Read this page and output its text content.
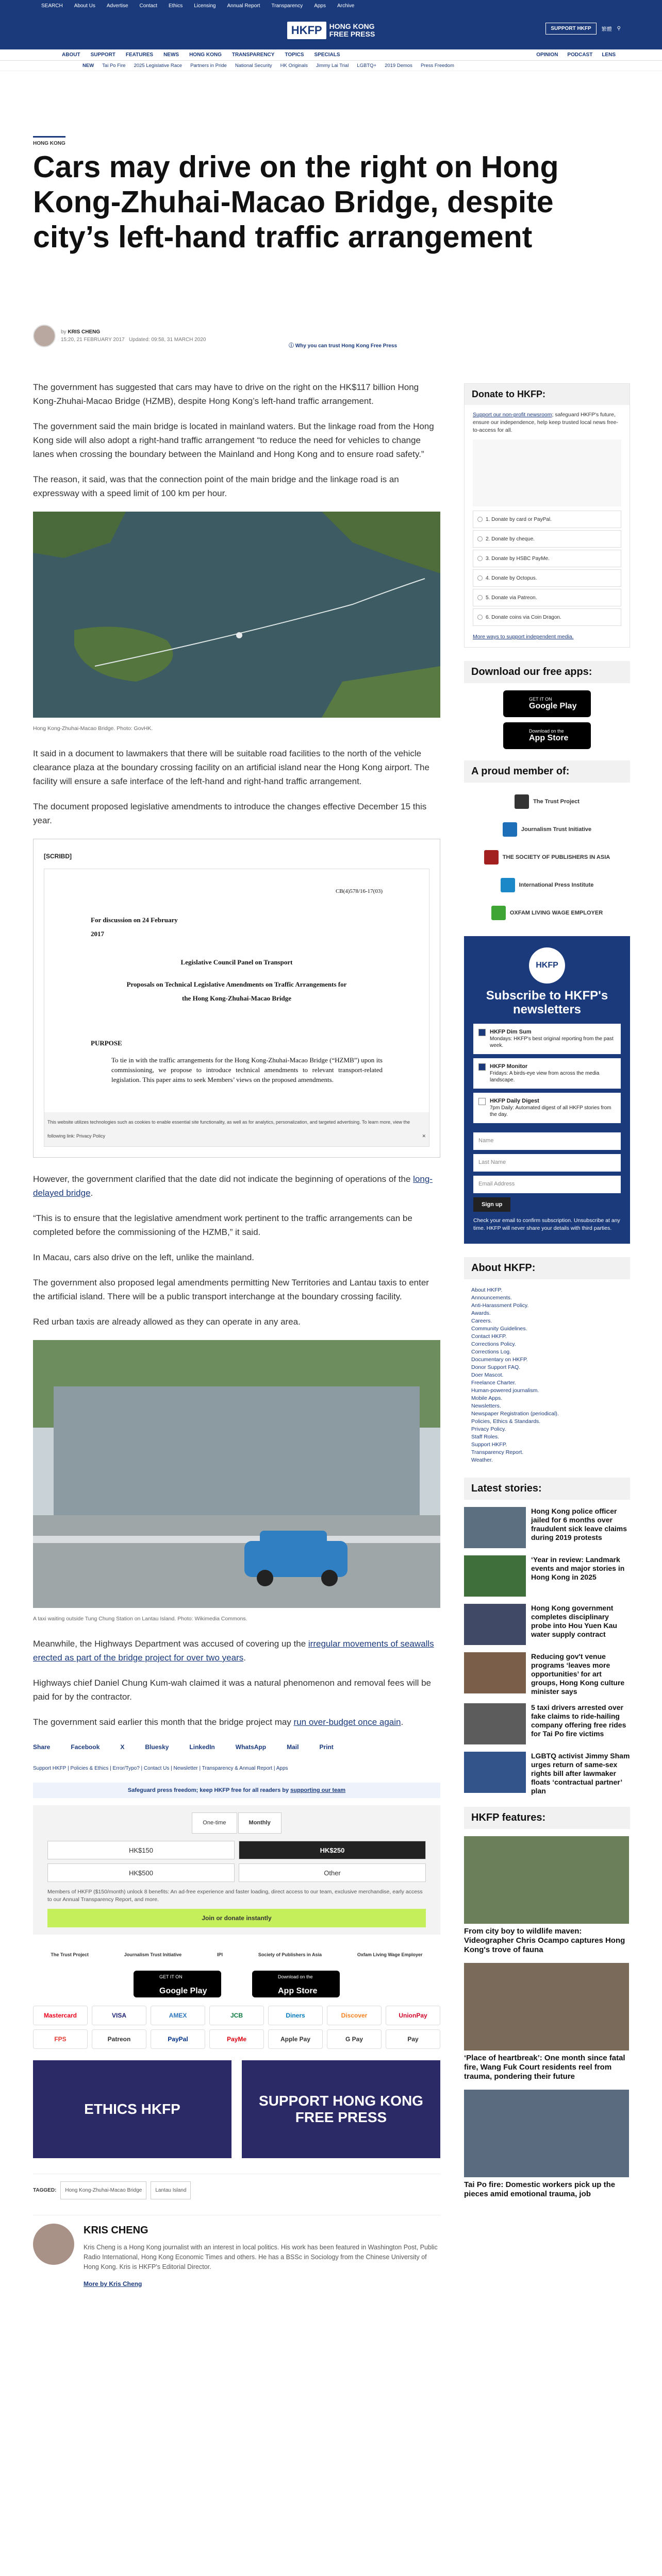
SEARCH About Us Advertise Contact Ethics Licensing Annual Report Transparency Apps Archive
HKFP	HONG KONG
FREE PRESS
SUPPORT HKFP	繁體 ⚲
ABOUT SUPPORT FEATURES NEWS HONG KONG TRANSPARENCY TOPICS SPECIALS	OPINION PODCAST LENS
NEW Tai Po Fire 2025 Legislative Race Partners in Pride National Security HK Originals Jimmy Lai Trial LGBTQ+ 2019 Demos Press Freedom
HONG KONG
Cars may drive on the right on Hong Kong-Zhuhai-Macao Bridge, despite city’s left-hand traffic arrangement
by KRIS CHENG
15:20, 21 FEBRUARY 2017 Updated: 09:58, 31 MARCH 2020
ⓘ Why you can trust Hong Kong Free Press

The government has suggested that cars may have to drive on the right on the HK$117 billion Hong Kong-Zhuhai-Macao Bridge (HZMB), despite Hong Kong’s left-hand traffic arrangement.

The government said the main bridge is located in mainland waters. But the linkage road from the Hong Kong side will also adopt a right-hand traffic arrangement “to reduce the need for vehicles to change lanes when crossing the boundary between the Mainland and Hong Kong and to ensure road safety.”

The reason, it said, was that the connection point of the main bridge and the linkage road is an expressway with a speed limit of 100 km per hour.

Hong Kong-Zhuhai-Macao Bridge. Photo: GovHK.

It said in a document to lawmakers that there will be suitable road facilities to the north of the vehicle clearance plaza at the boundary crossing facility on an artificial island near the Hong Kong airport. The facility will ensure a safe interface of the left-hand and right-hand traffic arrangement.

The document proposed legislative amendments to introduce the changes effective December 15 this year.

[SCRIBD]
CB(4)578/16-17(03)
For discussion on 24 February 2017
Legislative Council Panel on Transport
Proposals on Technical Legislative Amendments on Traffic Arrangements for the Hong Kong-Zhuhai-Macao Bridge
PURPOSE
To tie in with the traffic arrangements for the Hong Kong-Zhuhai-Macao Bridge (“HZMB”) upon its commissioning, we propose to introduce technical amendments to relevant transport-related legislation. This paper aims to seek Members’ views on the proposed amendments.
This website utilizes technologies such as cookies to enable essential site functionality, as well as for analytics, personalization, and targeted advertising. To learn more, view the following link: Privacy Policy	✕

However, the government clarified that the date did not indicate the beginning of operations of the long-delayed bridge.

“This is to ensure that the legislative amendment work pertinent to the traffic arrangements can be completed before the commissioning of the HZMB,” it said.

In Macau, cars also drive on the left, unlike the mainland.

The government also proposed legal amendments permitting New Territories and Lantau taxis to enter the artificial island. There will be a public transport interchange at the boundary crossing facility.

Red urban taxis are already allowed as they can operate in any area.

A taxi waiting outside Tung Chung Station on Lantau Island. Photo: Wikimedia Commons.

Meanwhile, the Highways Department was accused of covering up the irregular movements of seawalls erected as part of the bridge project for over two years.

Highways chief Daniel Chung Kum-wah claimed it was a natural phenomenon and removal fees will be paid for by the contractor.

The government said earlier this month that the bridge project may run over-budget once again.

Share	Facebook	X	Bluesky	LinkedIn	WhatsApp	Mail	Print
Support HKFP | Policies & Ethics | Error/Typo? | Contact Us | Newsletter | Transparency & Annual Report | Apps
Safeguard press freedom; keep HKFP free for all readers by supporting our team
One-time	Monthly
HK$150	HK$250
HK$500	Other
Members of HKFP ($150/month) unlock 8 benefits: An ad-free experience and faster loading, direct access to our team, exclusive merchandise, early access to our Annual Transparency Report, and more.
Join or donate instantly
The Trust Project	Journalism Trust Initiative	IPI	Society of Publishers in Asia	Oxfam Living Wage Employer
GET IT ON
Google Play
Download on the
App Store
Mastercard	VISA	AMEX	JCB	Diners	Discover	UnionPay
FPS	Patreon	PayPal	PayMe	Apple Pay	G Pay	Pay
ETHICS HKFP
SUPPORT HONG KONG FREE PRESS
TAGGED:	Hong Kong-Zhuhai-Macao Bridge	Lantau Island
KRIS CHENG

Kris Cheng is a Hong Kong journalist with an interest in local politics. His work has been featured in Washington Post, Public Radio International, Hong Kong Economic Times and others. He has a BSSc in Sociology from the Chinese University of Hong Kong. Kris is HKFP's Editorial Director.

More by Kris Cheng
Donate to HKFP:

Support our non-profit newsroom; safeguard HKFP's future, ensure our independence, help keep trusted local news free-to-access for all.

1. Donate by card or PayPal.
2. Donate by cheque.
3. Donate by HSBC PayMe.
4. Donate by Octopus.
5. Donate via Patreon.
6. Donate coins via Coin Dragon.

More ways to support independent media.

Download our free apps:
GET IT ON
Google Play
Download on the
App Store
A proud member of:
The Trust Project
Journalism Trust Initiative
THE SOCIETY OF PUBLISHERS IN ASIA
International Press Institute
OXFAM LIVING WAGE EMPLOYER
HKFP
Subscribe to HKFP's newsletters
HKFP Dim Sum
Mondays: HKFP's best original reporting from the past week.
HKFP Monitor
Fridays: A birds-eye view from across the media landscape.
HKFP Daily Digest
7pm Daily: Automated digest of all HKFP stories from the day.
Name
Last Name
Email Address
Sign up
Check your email to confirm subscription. Unsubscribe at any time. HKFP will never share your details with third parties.
About HKFP:
About HKFP.
Announcements.
Anti-Harassment Policy.
Awards.
Careers.
Community Guidelines.
Contact HKFP.
Corrections Policy.
Corrections Log.
Documentary on HKFP.
Donor Support FAQ.
Doer Mascot.
Freelance Charter.
Human-powered journalism.
Mobile Apps.
Newsletters.
Newspaper Registration (periodical).
Policies, Ethics & Standards.
Privacy Policy.
Staff Roles.
Support HKFP.
Transparency Report.
Weather.
Latest stories:
Hong Kong police officer jailed for 6 months over fraudulent sick leave claims during 2019 protests
‘Year in review: Landmark events and major stories in Hong Kong in 2025
Hong Kong government completes disciplinary probe into Hou Yuen Kau water supply contract
Reducing gov't venue programs ‘leaves more opportunities’ for art groups, Hong Kong culture minister says
5 taxi drivers arrested over fake claims to ride-hailing company offering free rides for Tai Po fire victims
LGBTQ activist Jimmy Sham urges return of same-sex rights bill after lawmaker floats ‘contractual partner’ plan
HKFP features:
From city boy to wildlife maven: Videographer Chris Ocampo captures Hong Kong's trove of fauna
‘Place of heartbreak’: One month since fatal fire, Wang Fuk Court residents reel from trauma, pondering their future
Tai Po fire: Domestic workers pick up the pieces amid emotional trauma, job
